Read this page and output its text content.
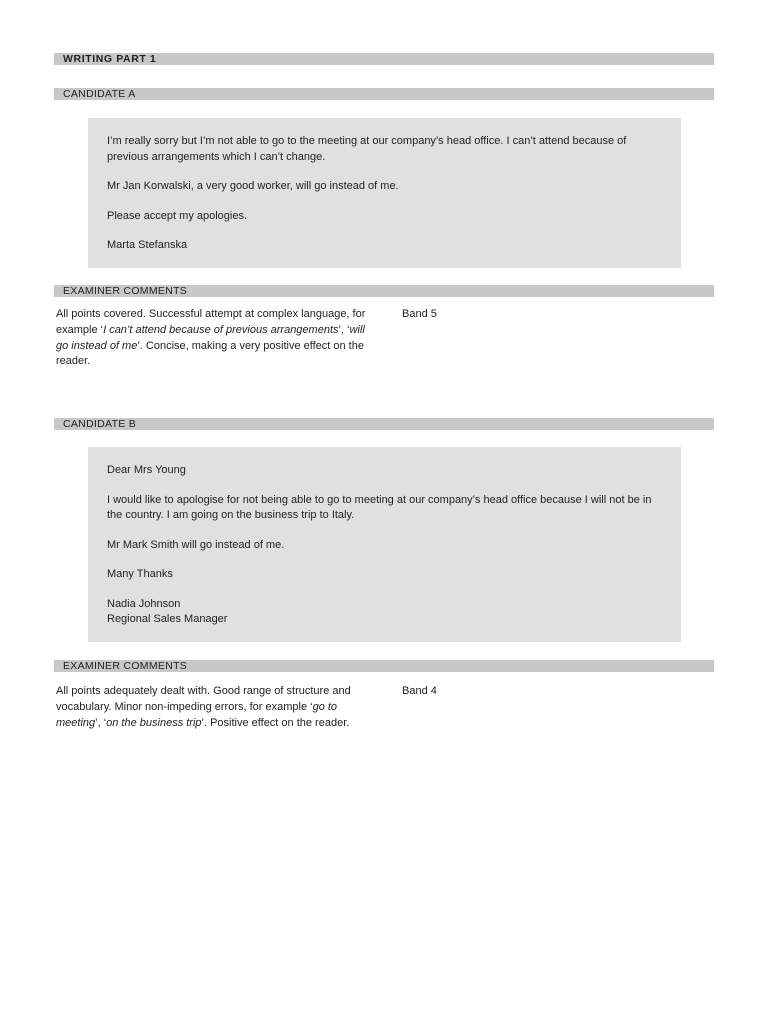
WRITING PART 1
CANDIDATE A

I’m really sorry but I’m not able to go to the meeting at our company’s head office. I can’t attend because of previous arrangements which I can’t change.

Mr Jan Korwalski, a very good worker, will go instead of me.

Please accept my apologies.

Marta Stefanska

EXAMINER COMMENTS
All points covered. Successful attempt at complex language, for example ‘I can’t attend because of previous arrangements’, ‘will go instead of me’. Concise, making a very positive effect on the reader.
Band 5
CANDIDATE B

Dear Mrs Young

I would like to apologise for not being able to go to meeting at our company’s head office because I will not be in the country. I am going on the business trip to Italy.

Mr Mark Smith will go instead of me.

Many Thanks

Nadia Johnson
Regional Sales Manager

EXAMINER COMMENTS
All points adequately dealt with. Good range of structure and vocabulary. Minor non-impeding errors, for example ‘go to meeting’, ‘on the business trip’. Positive effect on the reader.
Band 4
